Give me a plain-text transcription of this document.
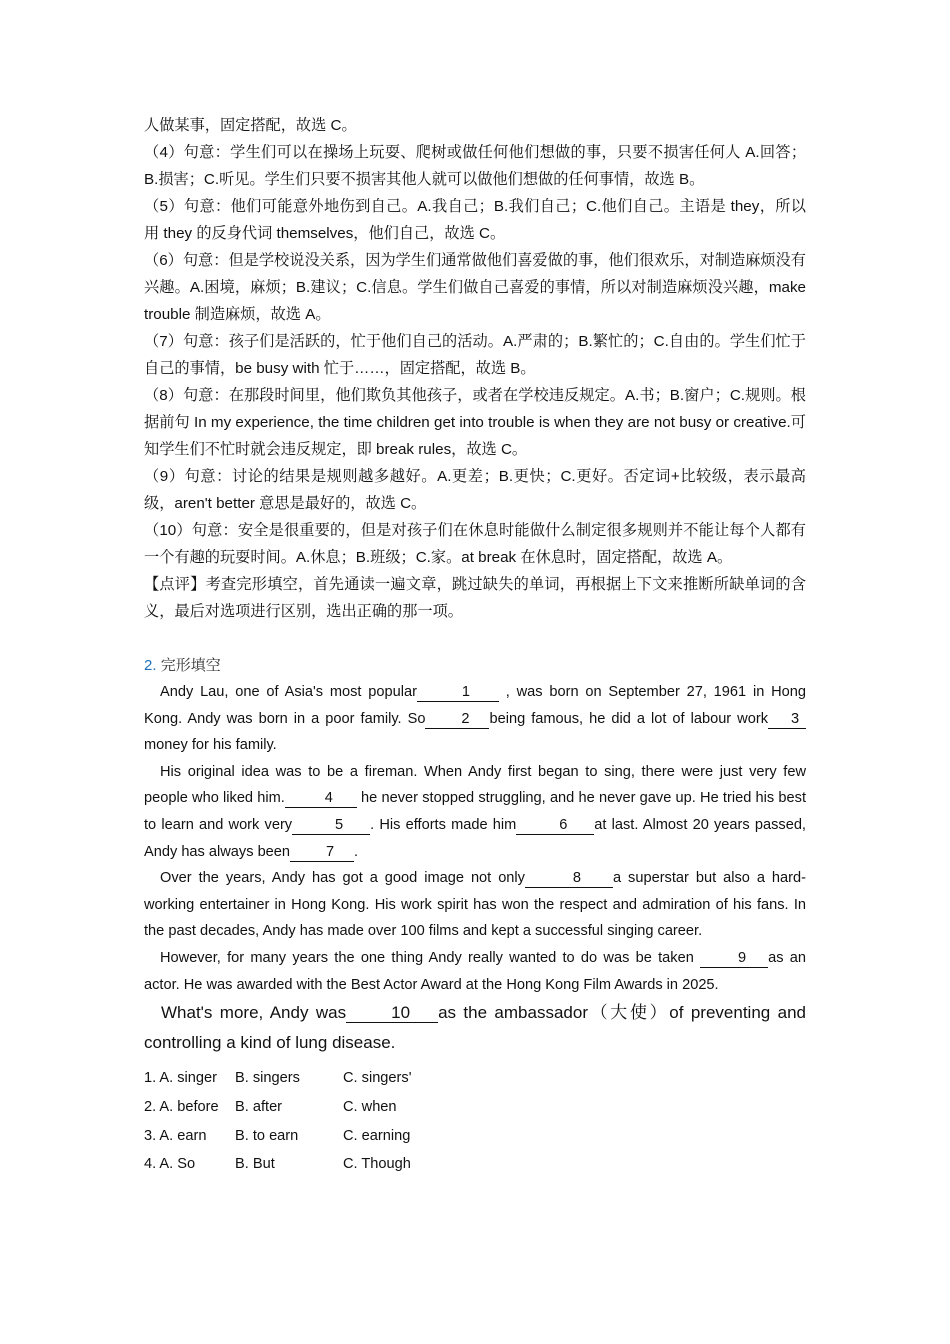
人做某事，固定搭配，故选 C。

（4）句意：学生们可以在操场上玩耍、爬树或做任何他们想做的事，只要不损害任何人 A.回答；B.损害；C.听见。学生们只要不损害其他人就可以做他们想做的任何事情，故选 B。

（5）句意：他们可能意外地伤到自己。A.我自己；B.我们自己；C.他们自己。主语是 they，所以用 they 的反身代词 themselves，他们自己，故选 C。

（6）句意：但是学校说没关系，因为学生们通常做他们喜爱做的事，他们很欢乐，对制造麻烦没有兴趣。A.困境，麻烦；B.建议；C.信息。学生们做自己喜爱的事情，所以对制造麻烦没兴趣，make trouble 制造麻烦，故选 A。

（7）句意：孩子们是活跃的，忙于他们自己的活动。A.严肃的；B.繁忙的；C.自由的。学生们忙于自己的事情，be busy with 忙于……，固定搭配，故选 B。

（8）句意：在那段时间里，他们欺负其他孩子，或者在学校违反规定。A.书；B.窗户；C.规则。根据前句 In my experience, the time children get into trouble is when they are not busy or creative.可知学生们不忙时就会违反规定，即 break rules，故选 C。

（9）句意：讨论的结果是规则越多越好。A.更差；B.更快；C.更好。否定词+比较级，表示最高级，aren't better 意思是最好的，故选 C。

（10）句意：安全是很重要的，但是对孩子们在休息时能做什么制定很多规则并不能让每个人都有一个有趣的玩耍时间。A.休息；B.班级；C.家。at break 在休息时，固定搭配，故选 A。

【点评】考查完形填空，首先通读一遍文章，跳过缺失的单词，再根据上下文来推断所缺单词的含义，最后对选项进行区别，选出正确的那一项。

2. 完形填空

Andy Lau, one of Asia's most popular	1 , was born on September 27, 1961 in Hong Kong. Andy was born in a poor family. So 2 being famous, he did a lot of labour work 3 money for his family.

His original idea was to be a fireman. When Andy first began to sing, there were just very few people who liked him.	4 he never stopped struggling, and he never gave up. He tried his best to learn and work very	5 . His efforts made him	6 at last. Almost 20 years passed, Andy has always been 7 .

Over the years, Andy has got a good image not only	8 a superstar but also a hard-working entertainer in Hong Kong. His work spirit has won the respect and admiration of his fans. In the past decades, Andy has made over 100 films and kept a successful singing career.

However, for many years the one thing Andy really wanted to do was be taken	9 as an actor. He was awarded with the Best Actor Award at the Hong Kong Film Awards in 2025.

What's more, Andy was	10 as the ambassador（大使）of preventing and controlling a kind of lung disease.

1. A. singer	B. singers	C. singers'
2. A. before	B. after	C. when
3. A. earn	B. to earn	C. earning
4. A. So	B. But	C. Though
